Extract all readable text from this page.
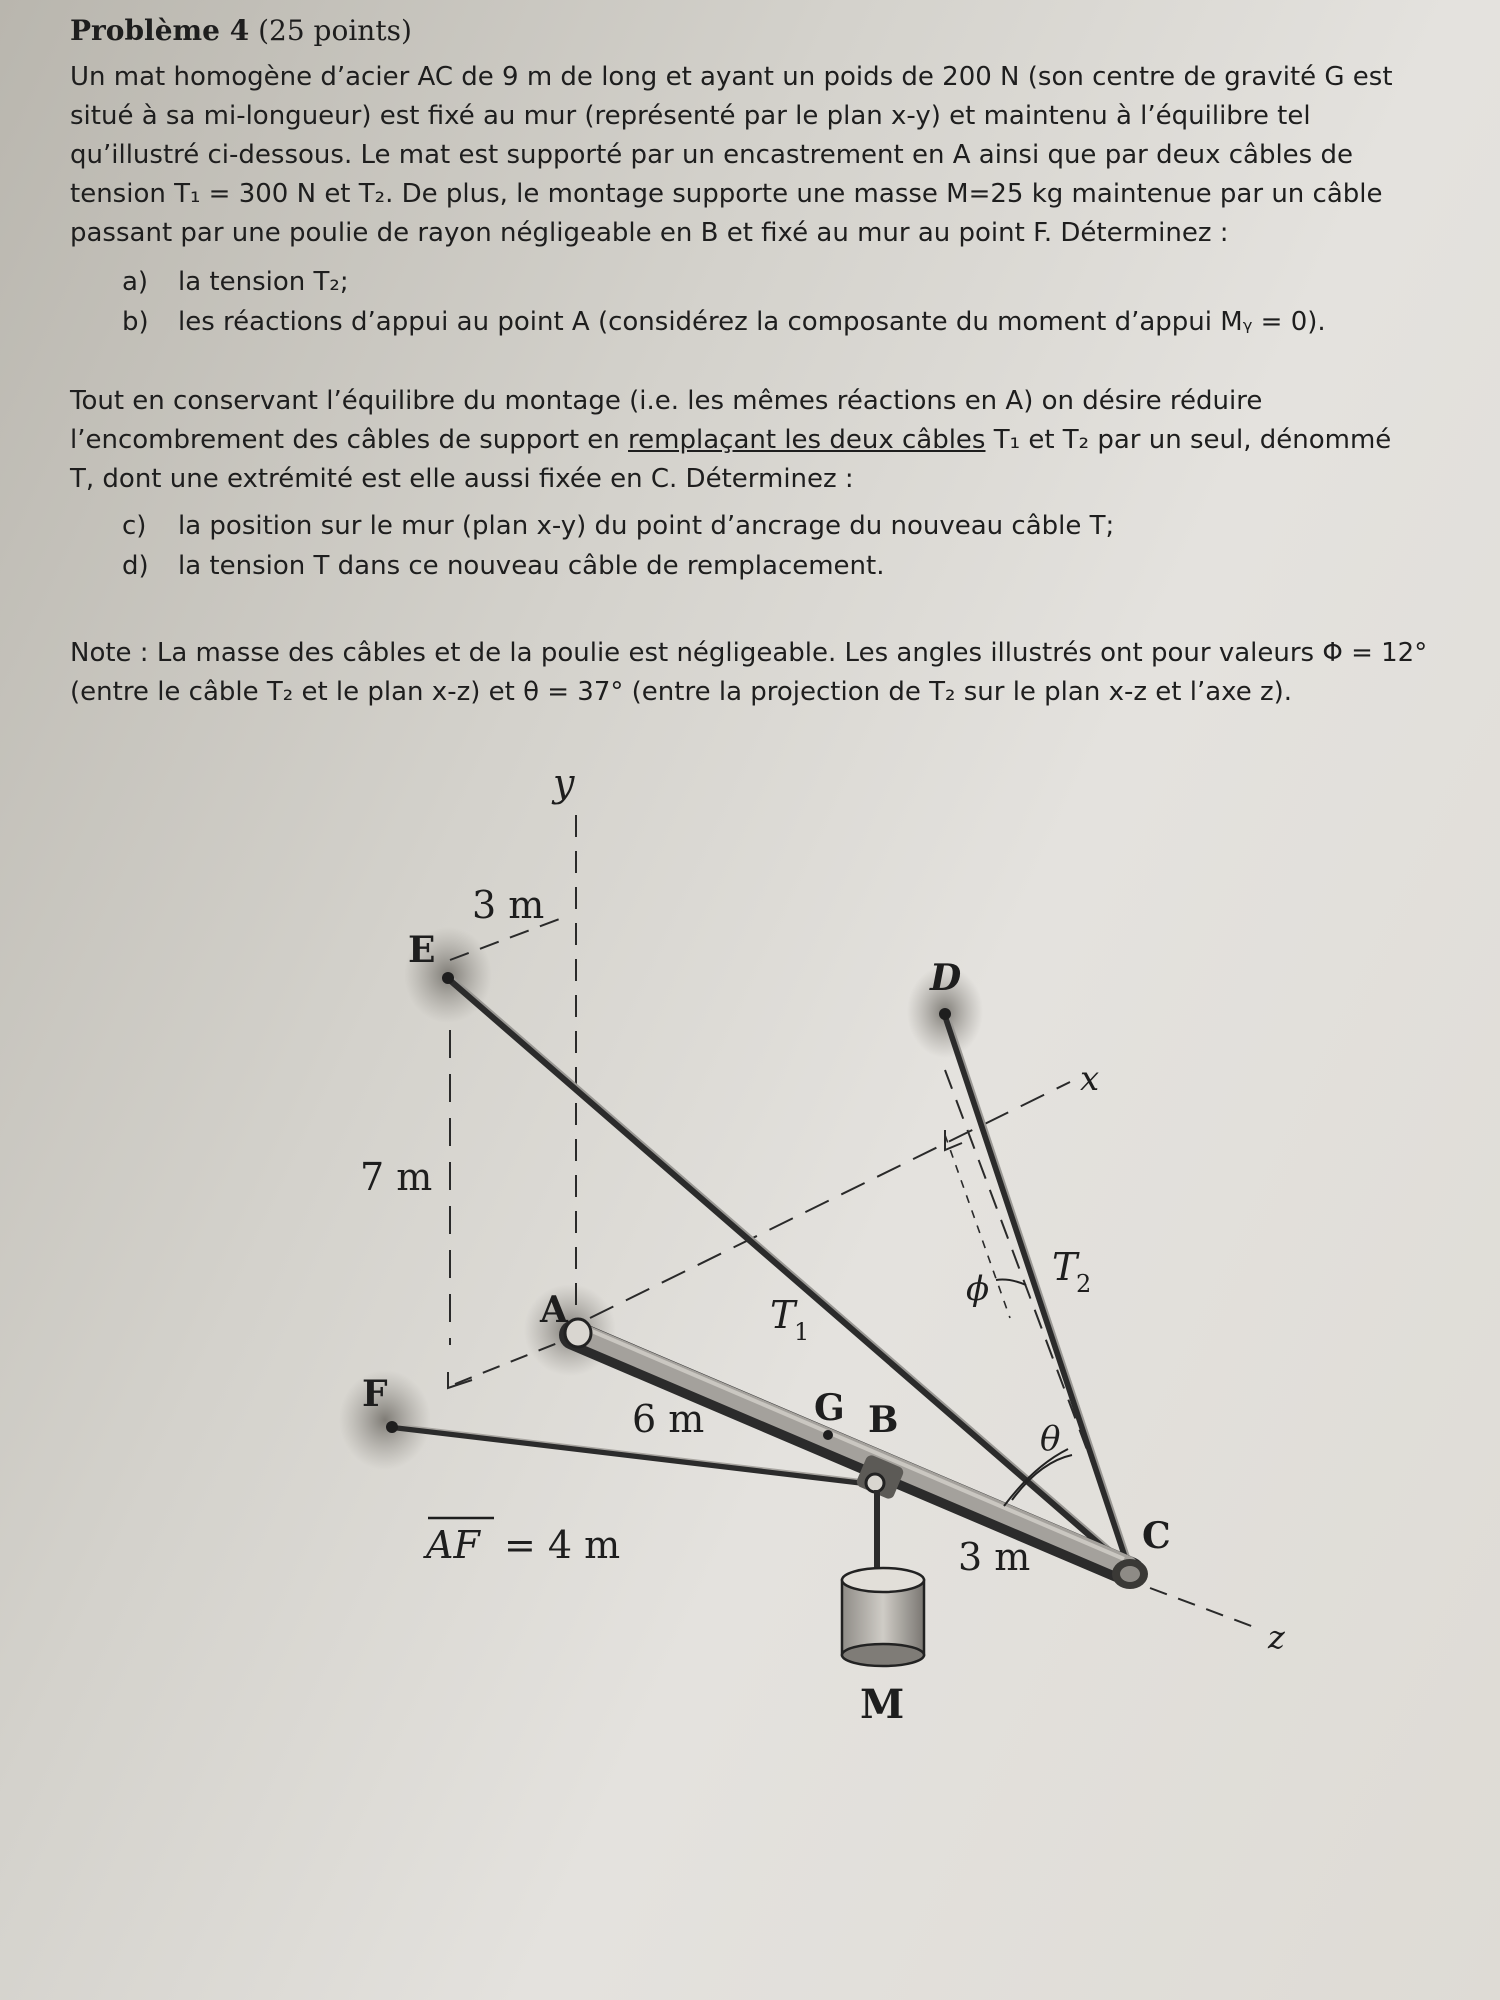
Problème 4 (25 points)

Un mat homogène d’acier AC de 9 m de long et ayant un poids de 200 N (son centre de gravité G est
situé à sa mi-longueur) est fixé au mur (représenté par le plan x-y) et maintenu à l’équilibre tel
qu’illustré ci-dessous. Le mat est supporté par un encastrement en A ainsi que par deux câbles de
tension T₁ = 300 N et T₂. De plus, le montage supporte une masse M=25 kg maintenue par un câble
passant par une poulie de rayon négligeable en B et fixé au mur au point F. Déterminez :

a) la tension T₂;
b) les réactions d’appui au point A (considérez la composante du moment d’appui Mᵧ = 0).

Tout en conservant l’équilibre du montage (i.e. les mêmes réactions en A) on désire réduire
l’encombrement des câbles de support en remplaçant les deux câbles T₁ et T₂ par un seul, dénommé
T, dont une extrémité est elle aussi fixée en C. Déterminez :

c) la position sur le mur (plan x-y) du point d’ancrage du nouveau câble T;
d) la tension T dans ce nouveau câble de remplacement.

Note : La masse des câbles et de la poulie est négligeable. Les angles illustrés ont pour valeurs Φ = 12°
(entre le câble T₂ et le plan x-z) et θ = 37° (entre la projection de T₂ sur le plan x-z et l’axe z).

y
x
z
E
D
A
F	G B
C
M
3 m
7 m
6 m
3 m
AF = 4 m
T
1
T
2
ϕ
θ
